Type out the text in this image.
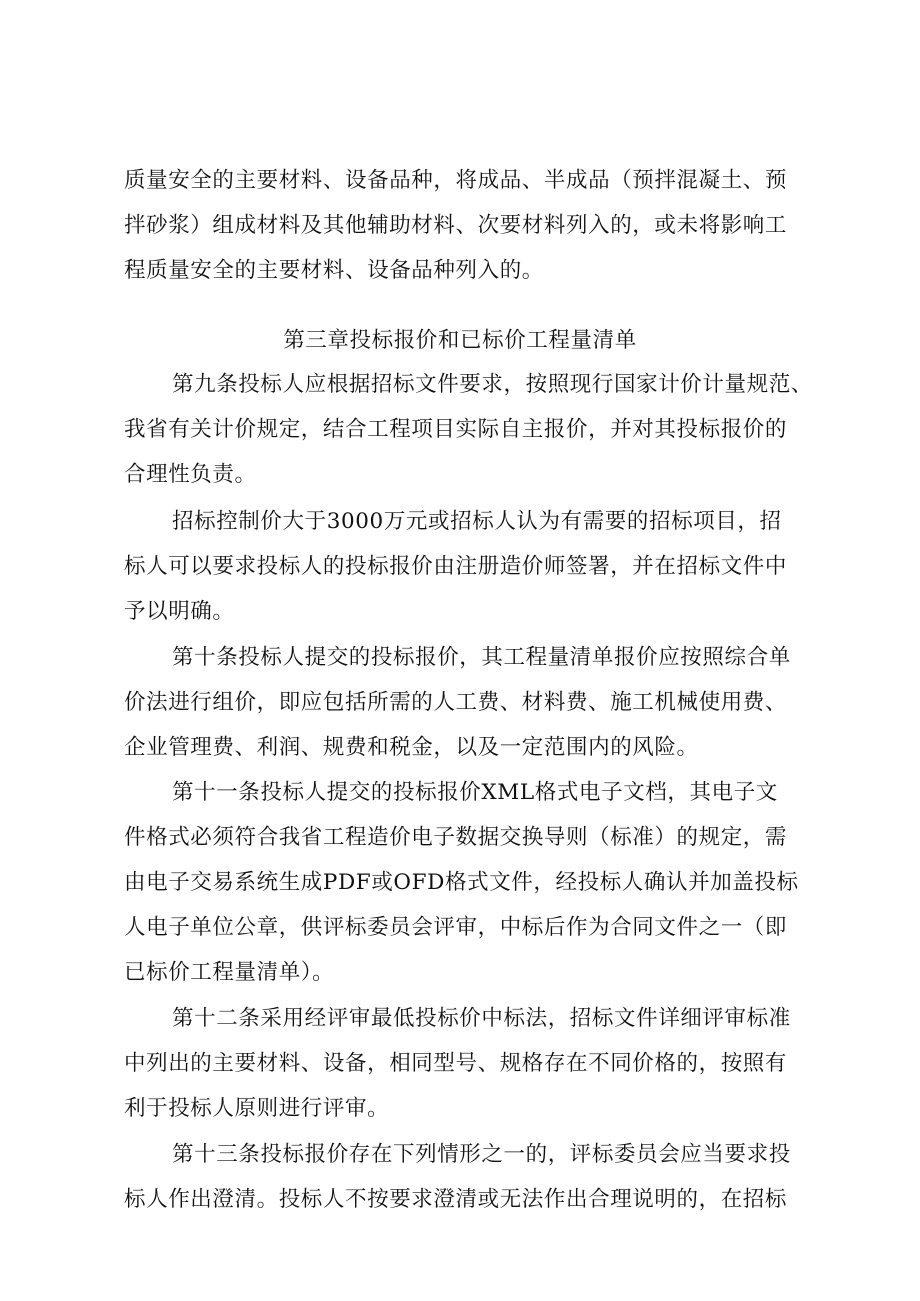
质量安全的主要材料、设备品种，将成品、半成品（预拌混凝土、预
拌砂浆）组成材料及其他辅助材料、次要材料列入的，或未将影响工
程质量安全的主要材料、设备品种列入的。
第三章投标报价和已标价工程量清单
第九条投标人应根据招标文件要求，按照现行国家计价计量规范、
我省有关计价规定，结合工程项目实际自主报价，并对其投标报价的
合理性负责。
招标控制价大于3000万元或招标人认为有需要的招标项目，招
标人可以要求投标人的投标报价由注册造价师签署，并在招标文件中
予以明确。
第十条投标人提交的投标报价，其工程量清单报价应按照综合单
价法进行组价，即应包括所需的人工费、材料费、施工机械使用费、
企业管理费、利润、规费和税金，以及一定范围内的风险。
第十一条投标人提交的投标报价XML格式电子文档，其电子文
件格式必须符合我省工程造价电子数据交换导则（标准）的规定，需
由电子交易系统生成PDF或OFD格式文件，经投标人确认并加盖投标
人电子单位公章，供评标委员会评审，中标后作为合同文件之一（即
已标价工程量清单）。
第十二条采用经评审最低投标价中标法，招标文件详细评审标准
中列出的主要材料、设备，相同型号、规格存在不同价格的，按照有
利于投标人原则进行评审。
第十三条投标报价存在下列情形之一的，评标委员会应当要求投
标人作出澄清。投标人不按要求澄清或无法作出合理说明的，在招标
